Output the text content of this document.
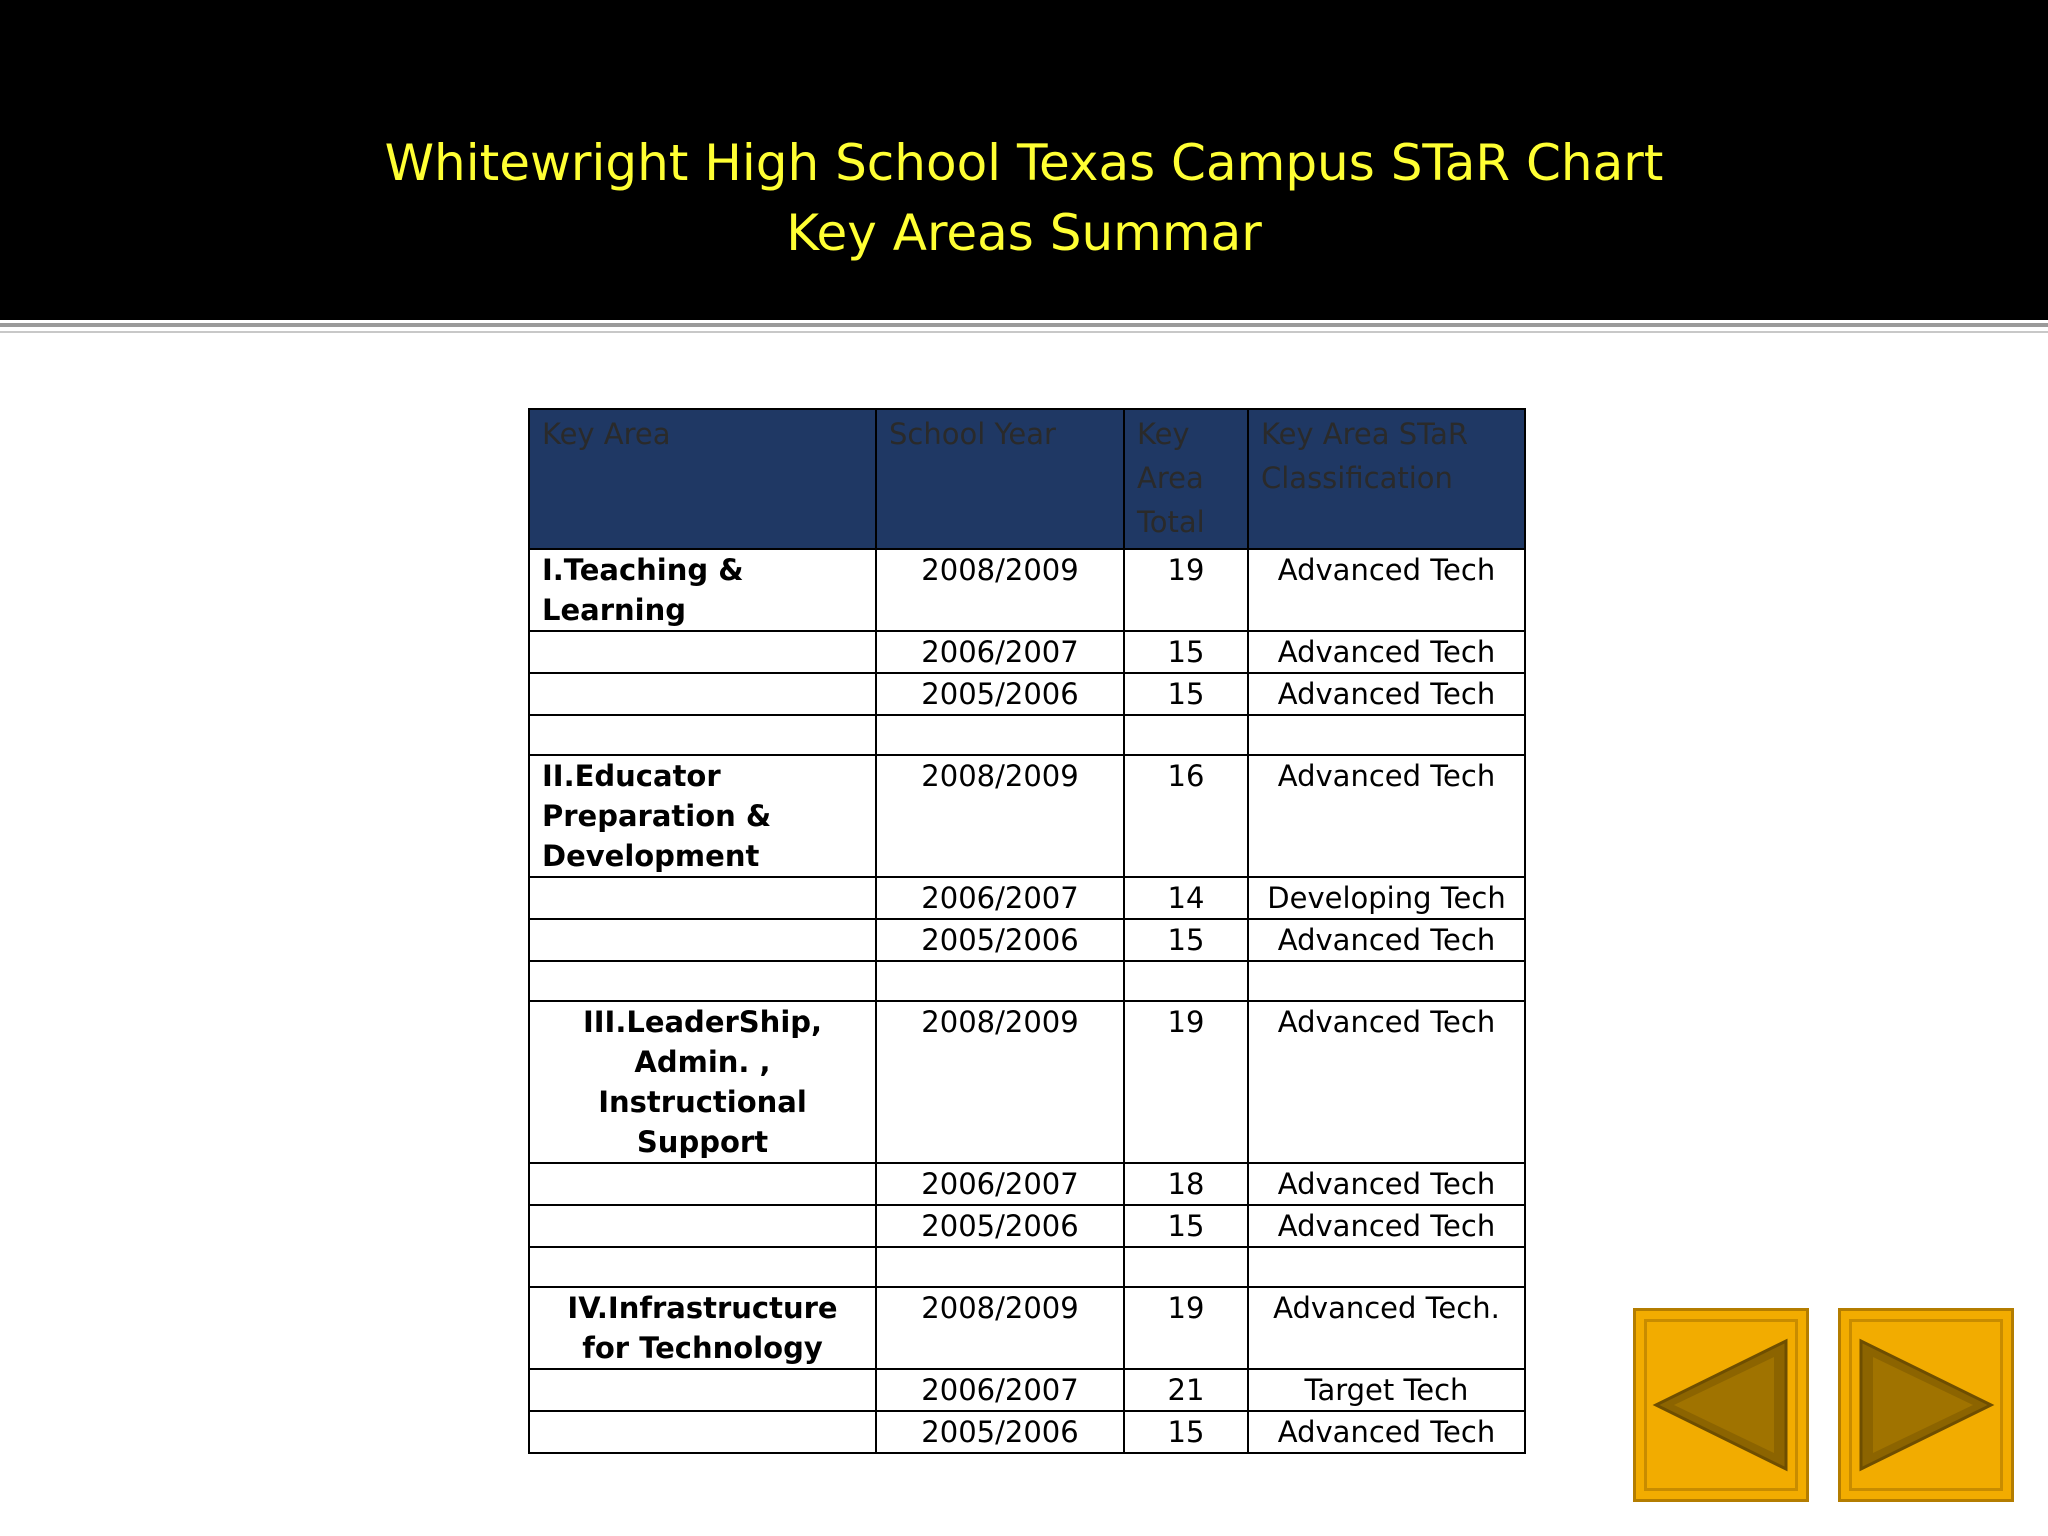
Whitewright High School Texas Campus STaR Chart
Key Areas Summar
Key Area	School Year	Key Area Total	Key Area STaR Classification
I.Teaching & Learning	2008/2009	19	Advanced Tech
	2006/2007	15	Advanced Tech
	2005/2006	15	Advanced Tech

II.Educator Preparation & Development	2008/2009	16	Advanced Tech
	2006/2007	14	Developing Tech
	2005/2006	15	Advanced Tech

III.LeaderShip, Admin. , Instructional Support	2008/2009	19	Advanced Tech
	2006/2007	18	Advanced Tech
	2005/2006	15	Advanced Tech

IV.Infrastructure for Technology	2008/2009	19	Advanced Tech.
	2006/2007	21	Target Tech
	2005/2006	15	Advanced Tech
